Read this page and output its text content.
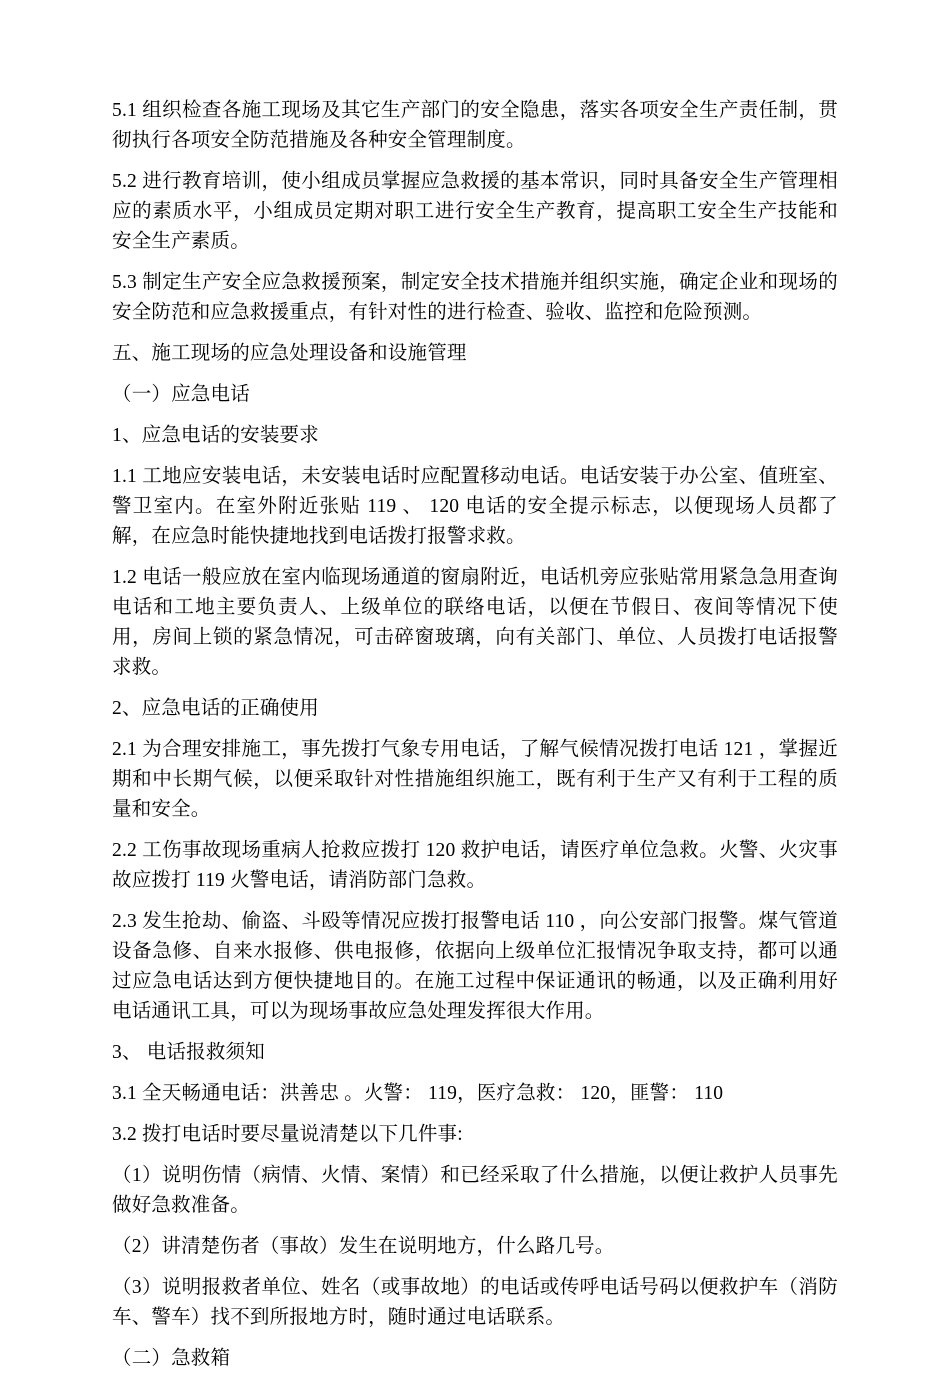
5.1 组织检查各施工现场及其它生产部门的安全隐患，落实各项安全生产责任制，贯彻执行各项安全防范措施及各种安全管理制度。

5.2 进行教育培训，使小组成员掌握应急救援的基本常识，同时具备安全生产管理相应的素质水平，小组成员定期对职工进行安全生产教育，提高职工安全生产技能和安全生产素质。

5.3 制定生产安全应急救援预案，制定安全技术措施并组织实施，确定企业和现场的安全防范和应急救援重点，有针对性的进行检查、验收、监控和危险预测。

五、施工现场的应急处理设备和设施管理

（一）应急电话

1、应急电话的安装要求

1.1 工地应安装电话，未安装电话时应配置移动电话。电话安装于办公室、值班室、警卫室内。在室外附近张贴 119 、 120 电话的安全提示标志，以便现场人员都了解，在应急时能快捷地找到电话拨打报警求救。

1.2 电话一般应放在室内临现场通道的窗扇附近，电话机旁应张贴常用紧急急用查询电话和工地主要负责人、上级单位的联络电话，以便在节假日、夜间等情况下使用，房间上锁的紧急情况，可击碎窗玻璃，向有关部门、单位、人员拨打电话报警求救。

2、应急电话的正确使用

2.1 为合理安排施工，事先拨打气象专用电话，了解气候情况拨打电话 121 ，掌握近期和中长期气候，以便采取针对性措施组织施工，既有利于生产又有利于工程的质量和安全。

2.2 工伤事故现场重病人抢救应拨打 120 救护电话，请医疗单位急救。火警、火灾事故应拨打 119 火警电话，请消防部门急救。

2.3 发生抢劫、偷盗、斗殴等情况应拨打报警电话 110 ，向公安部门报警。煤气管道设备急修、自来水报修、供电报修，依据向上级单位汇报情况争取支持，都可以通过应急电话达到方便快捷地目的。在施工过程中保证通讯的畅通，以及正确利用好电话通讯工具，可以为现场事故应急处理发挥很大作用。

3、 电话报救须知

3.1 全天畅通电话：洪善忠 。火警： 119，医疗急救： 120，匪警： 110

3.2 拨打电话时要尽量说清楚以下几件事:

（1）说明伤情（病情、火情、案情）和已经采取了什么措施，以便让救护人员事先做好急救准备。

（2）讲清楚伤者（事故）发生在说明地方，什么路几号。

（3）说明报救者单位、姓名（或事故地）的电话或传呼电话号码以便救护车（消防车、警车）找不到所报地方时，随时通过电话联系。

（二）急救箱
